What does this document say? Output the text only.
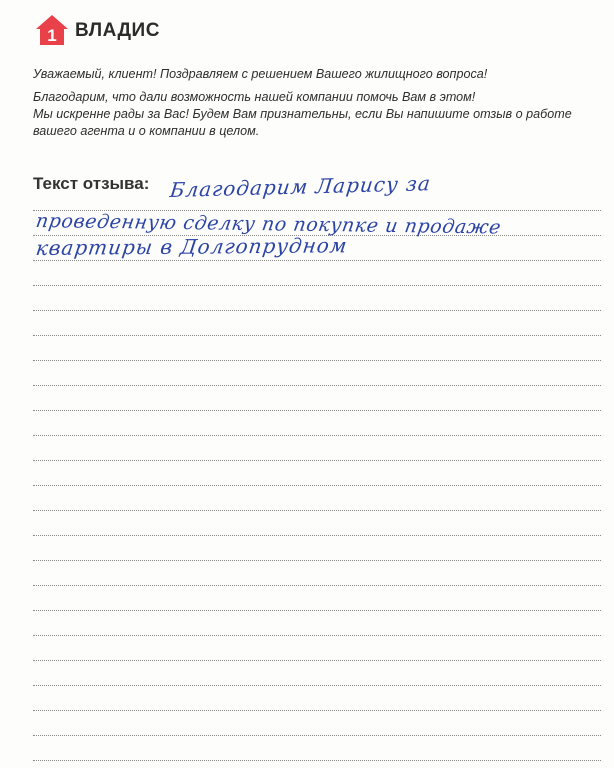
1 ВЛАДИС

Уважаемый, клиент! Поздравляем с решением Вашего жилищного вопроса!

Благодарим, что дали возможность нашей компании помочь Вам в этом!

Мы искренне рады за Вас! Будем Вам признательны, если Вы напишите отзыв о работе вашего агента и о компании в целом.

Текст отзыва: Благодарим Ларису за
проведенную сделку по покупке и продаже
квартиры в Долгопрудном
